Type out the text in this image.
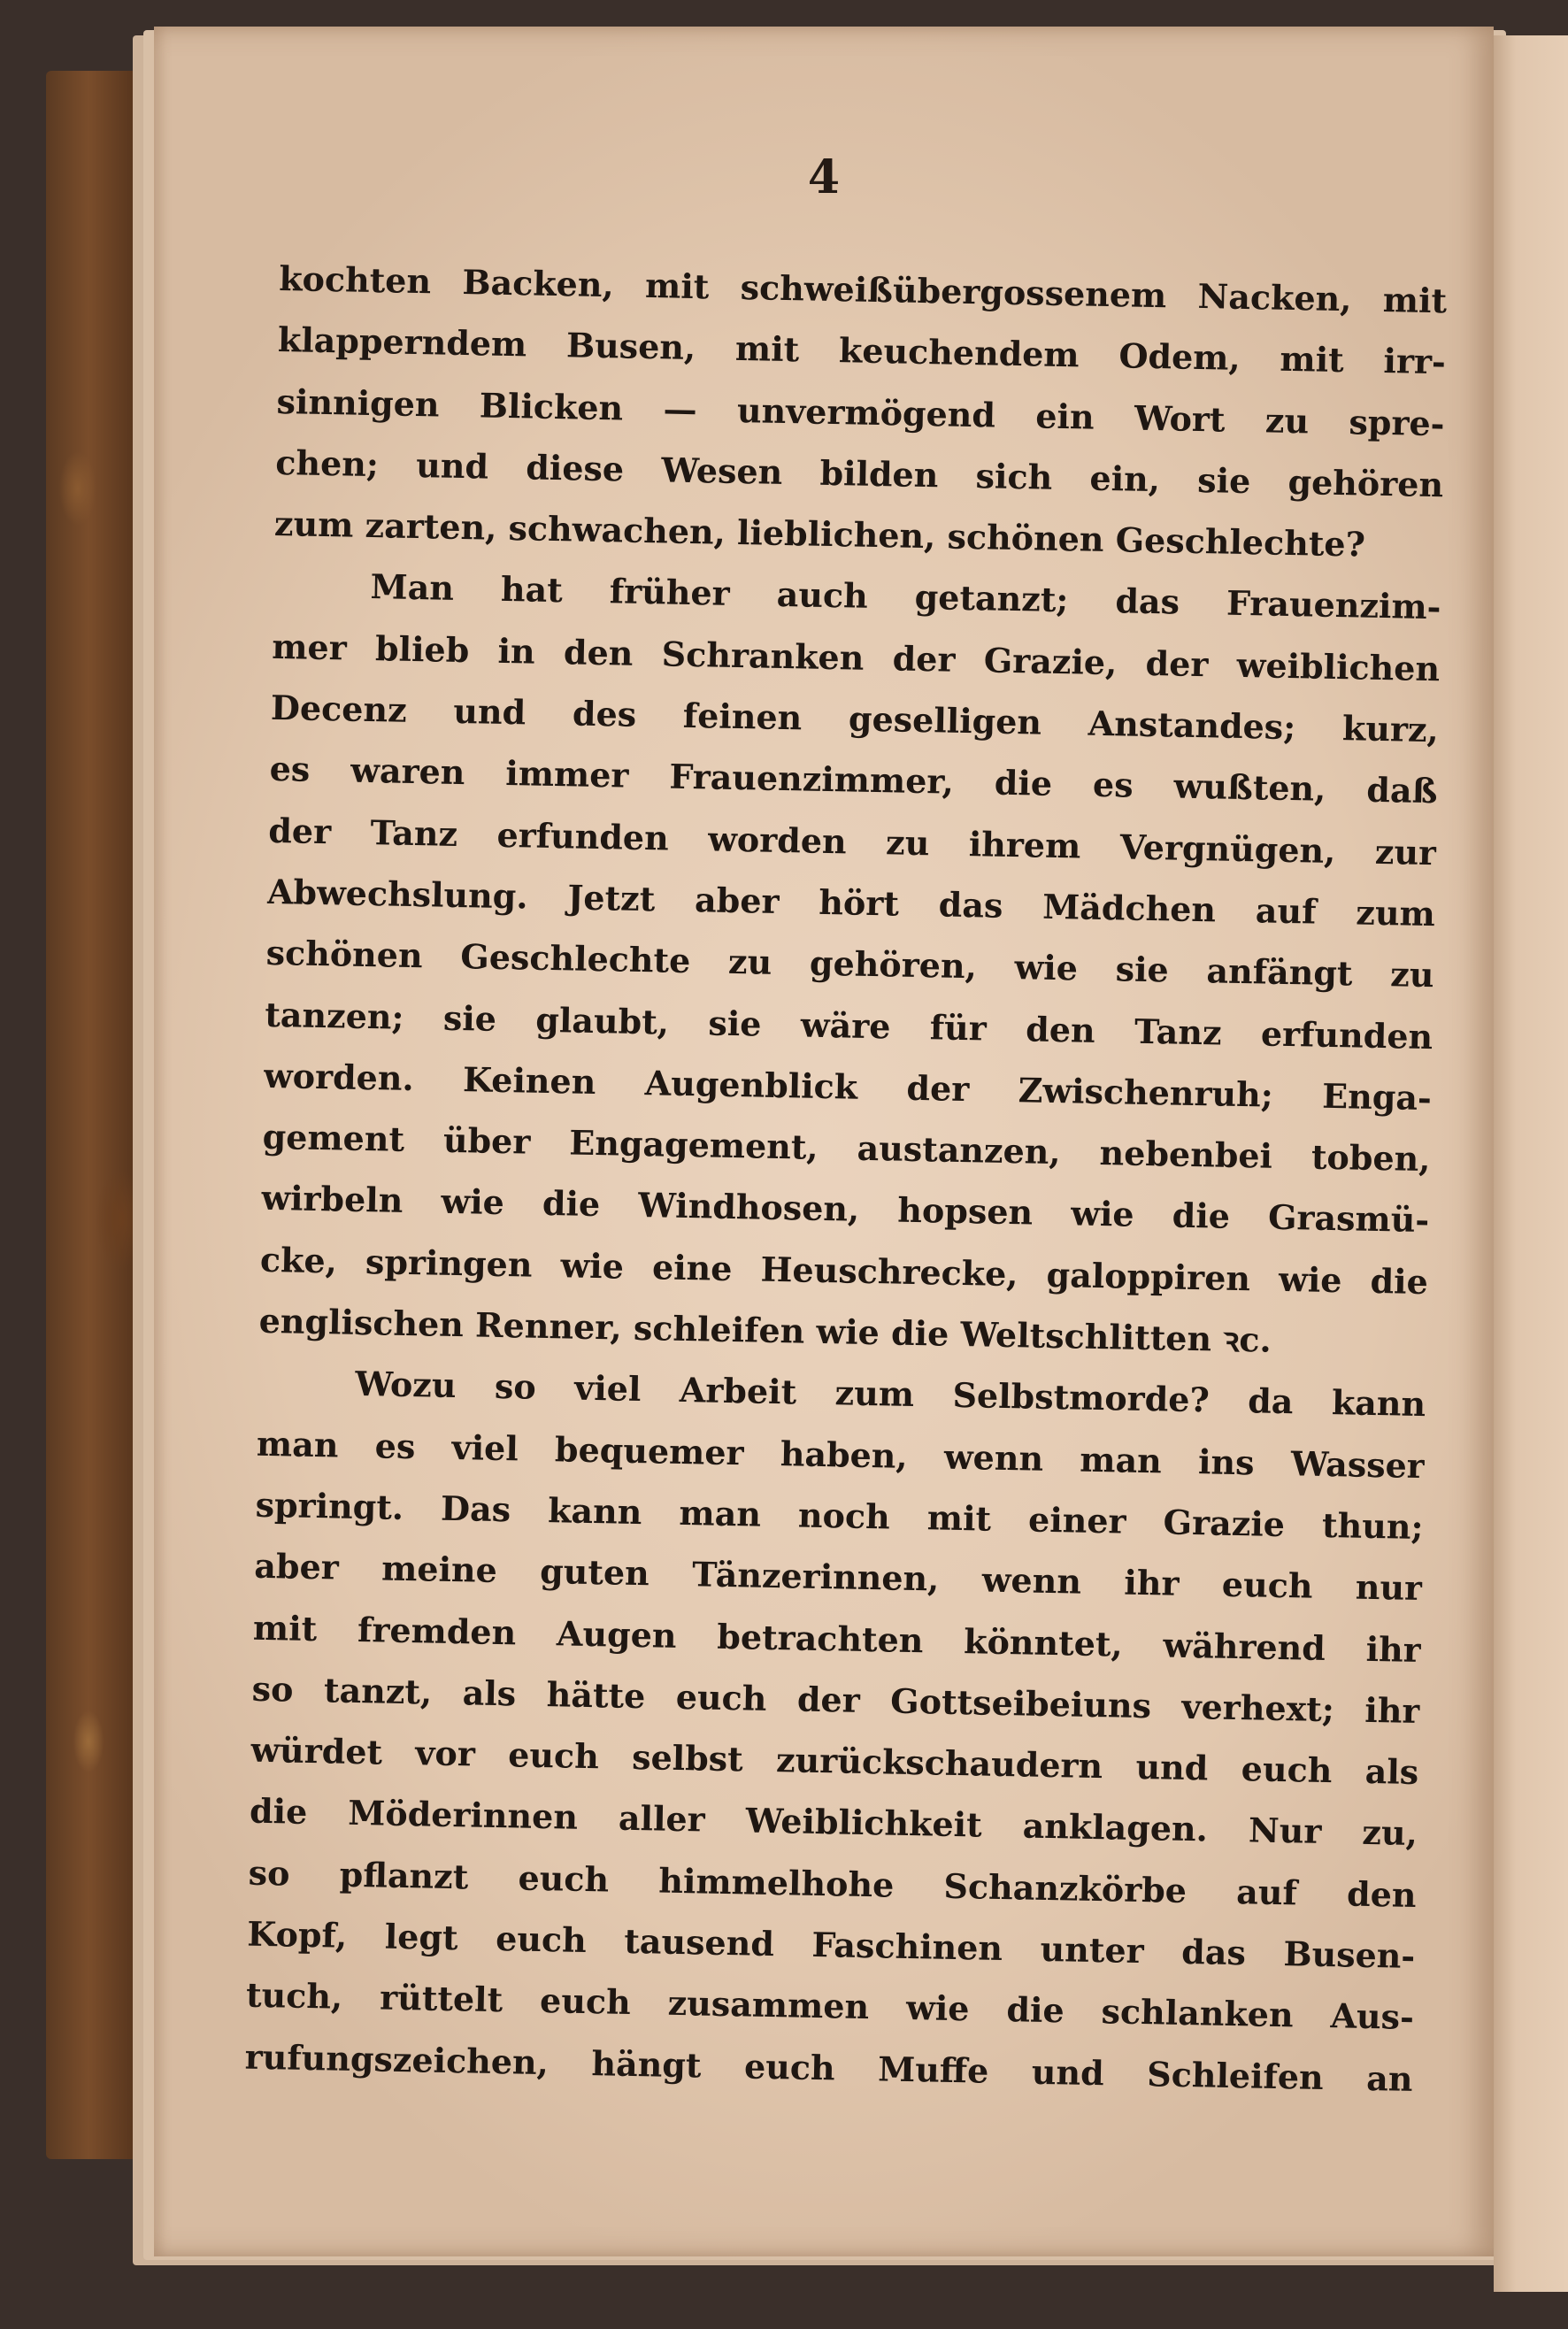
4
kochten Backen, mit schweißübergossenem Nacken, mit
klapperndem Busen, mit keuchendem Odem, mit irr-
sinnigen Blicken — unvermögend ein Wort zu spre-
chen; und diese Wesen bilden sich ein, sie gehören
zum zarten, schwachen, lieblichen, schönen Geschlechte?
Man hat früher auch getanzt; das Frauenzim-
mer blieb in den Schranken der Grazie, der weiblichen
Decenz und des feinen geselligen Anstandes; kurz,
es waren immer Frauenzimmer, die es wußten, daß
der Tanz erfunden worden zu ihrem Vergnügen, zur
Abwechslung. Jetzt aber hört das Mädchen auf zum
schönen Geschlechte zu gehören, wie sie anfängt zu
tanzen; sie glaubt, sie wäre für den Tanz erfunden
worden. Keinen Augenblick der Zwischenruh; Enga-
gement über Engagement, austanzen, nebenbei toben,
wirbeln wie die Windhosen, hopsen wie die Grasmü-
cke, springen wie eine Heuschrecke, galoppiren wie die
englischen Renner, schleifen wie die Weltschlitten ꝛc.
Wozu so viel Arbeit zum Selbstmorde? da kann
man es viel bequemer haben, wenn man ins Wasser
springt. Das kann man noch mit einer Grazie thun;
aber meine guten Tänzerinnen, wenn ihr euch nur
mit fremden Augen betrachten könntet, während ihr
so tanzt, als hätte euch der Gottseibeiuns verhext; ihr
würdet vor euch selbst zurückschaudern und euch als
die Möderinnen aller Weiblichkeit anklagen. Nur zu,
so pflanzt euch himmelhohe Schanzkörbe auf den
Kopf, legt euch tausend Faschinen unter das Busen-
tuch, rüttelt euch zusammen wie die schlanken Aus-
rufungszeichen, hängt euch Muffe und Schleifen an
